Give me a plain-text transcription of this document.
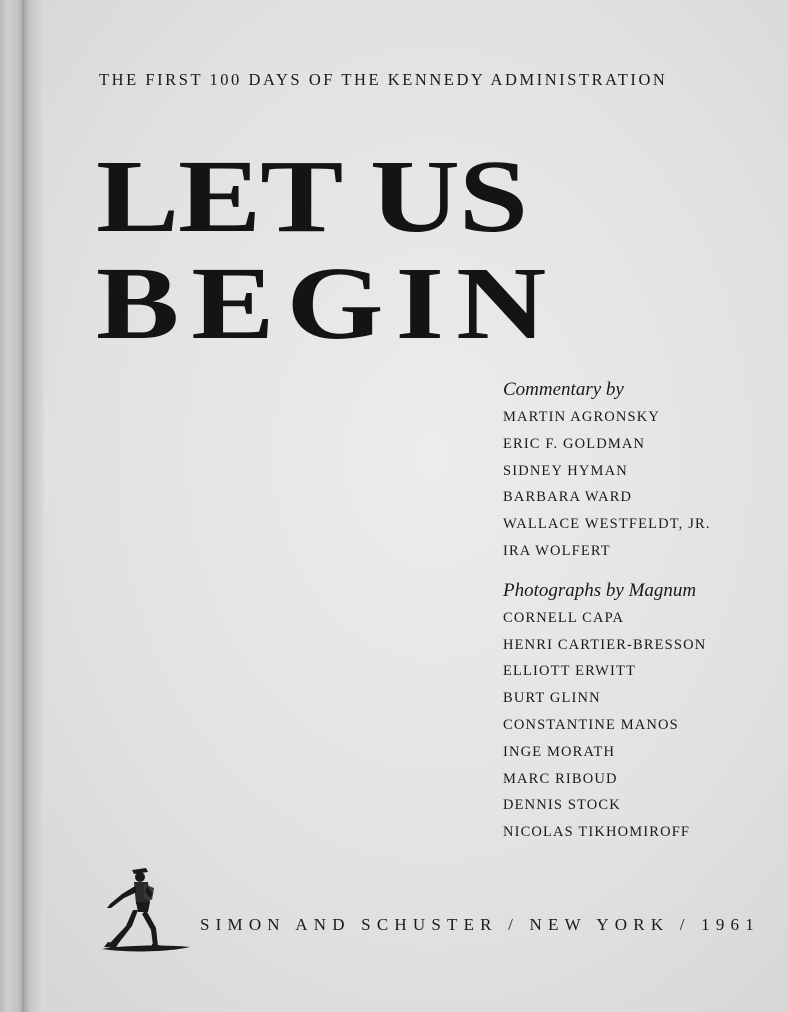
THE FIRST 100 DAYS OF THE KENNEDY ADMINISTRATION
LET US
BEGIN
Commentary by
MARTIN AGRONSKY
ERIC F. GOLDMAN
SIDNEY HYMAN
BARBARA WARD
WALLACE WESTFELDT, JR.
IRA WOLFERT
Photographs by Magnum
CORNELL CAPA
HENRI CARTIER-BRESSON
ELLIOTT ERWITT
BURT GLINN
CONSTANTINE MANOS
INGE MORATH
MARC RIBOUD
DENNIS STOCK
NICOLAS TIKHOMIROFF
SIMON AND SCHUSTER / NEW YORK / 1961
